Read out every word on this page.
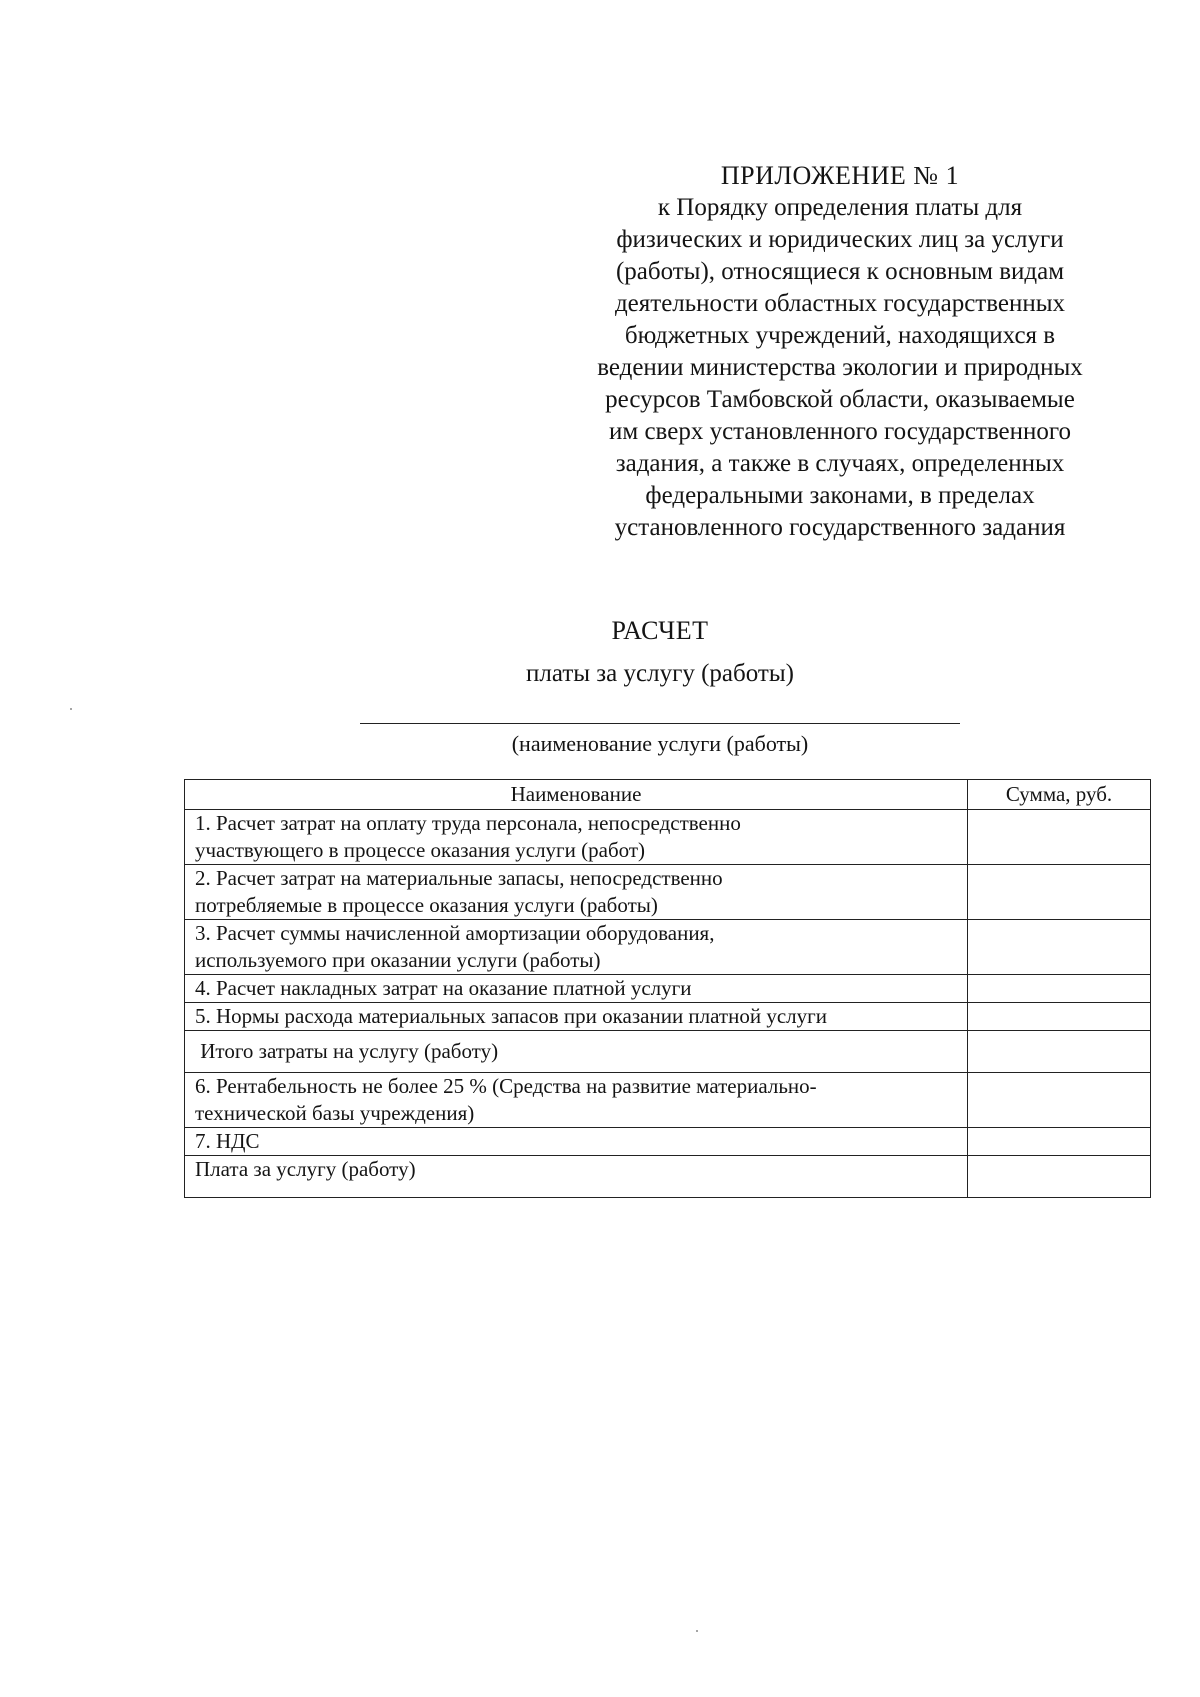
ПРИЛОЖЕНИЕ № 1
к Порядку определения платы для
физических и юридических лиц за услуги
(работы), относящиеся к основным видам
деятельности областных государственных
бюджетных учреждений, находящихся в
ведении министерства экологии и природных
ресурсов Тамбовской области, оказываемые
им сверх установленного государственного
задания, а также в случаях, определенных
федеральными законами, в пределах
установленного государственного задания
РАСЧЕТ
платы за услугу (работы)
(наименование услуги (работы)
Наименование	Сумма, руб.

1. Расчет затрат на оплату труда персонала, непосредственно
участвующего в процессе оказания услуги (работ)	

2. Расчет затрат на материальные запасы, непосредственно
потребляемые в процессе оказания услуги (работы)	

3. Расчет суммы начисленной амортизации оборудования,
используемого при оказании услуги (работы)	

4. Расчет накладных затрат на оказание платной услуги	

5. Нормы расхода материальных запасов при оказании платной услуги	

Итого затраты на услугу (работу)	

6. Рентабельность не более 25 % (Средства на развитие материально-
технической базы учреждения)	

7. НДС	

Плата за услугу (работу)	
